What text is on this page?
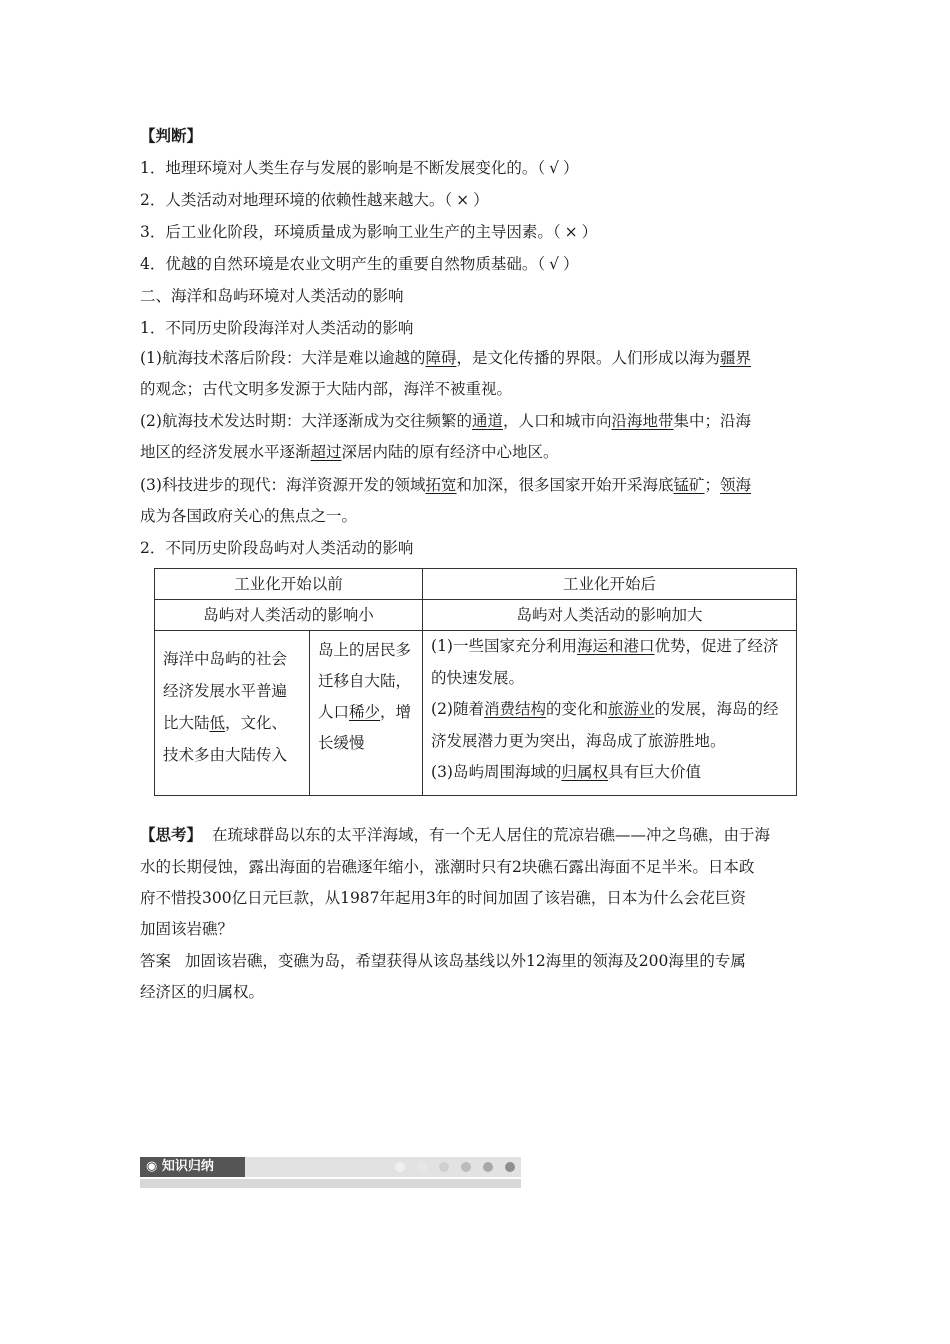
【判断】
1．地理环境对人类生存与发展的影响是不断发展变化的。（ √ ）
2．人类活动对地理环境的依赖性越来越大。（ × ）
3．后工业化阶段，环境质量成为影响工业生产的主导因素。（ × ）
4．优越的自然环境是农业文明产生的重要自然物质基础。（ √ ）
二、海洋和岛屿环境对人类活动的影响
1．不同历史阶段海洋对人类活动的影响
(1)航海技术落后阶段：大洋是难以逾越的障碍，是文化传播的界限。人们形成以海为疆界
的观念；古代文明多发源于大陆内部，海洋不被重视。
(2)航海技术发达时期：大洋逐渐成为交往频繁的通道，人口和城市向沿海地带集中；沿海
地区的经济发展水平逐渐超过深居内陆的原有经济中心地区。
(3)科技进步的现代：海洋资源开发的领域拓宽和加深，很多国家开始开采海底锰矿；领海
成为各国政府关心的焦点之一。
2．不同历史阶段岛屿对人类活动的影响
工业化开始以前		工业化开始后
岛屿对人类活动的影响小		岛屿对人类活动的影响加大
海洋中岛屿的社会经济发展水平普遍比大陆低，文化、技术多由大陆传入	岛上的居民多迁移自大陆，人口稀少，增长缓慢	(1)一些国家充分利用海运和港口优势，促进了经济的快速发展。
(2)随着消费结构的变化和旅游业的发展，海岛的经济发展潜力更为突出，海岛成了旅游胜地。
(3)岛屿周围海域的归属权具有巨大价值
【思考】 在琉球群岛以东的太平洋海域，有一个无人居住的荒凉岩礁——冲之鸟礁，由于海
水的长期侵蚀，露出海面的岩礁逐年缩小，涨潮时只有2块礁石露出海面不足半米。日本政
府不惜投300亿日元巨款，从1987年起用3年的时间加固了该岩礁，日本为什么会花巨资
加固该岩礁？
答案 加固该岩礁，变礁为岛，希望获得从该岛基线以外12海里的领海及200海里的专属
经济区的归属权。
◉ 知识归纳
